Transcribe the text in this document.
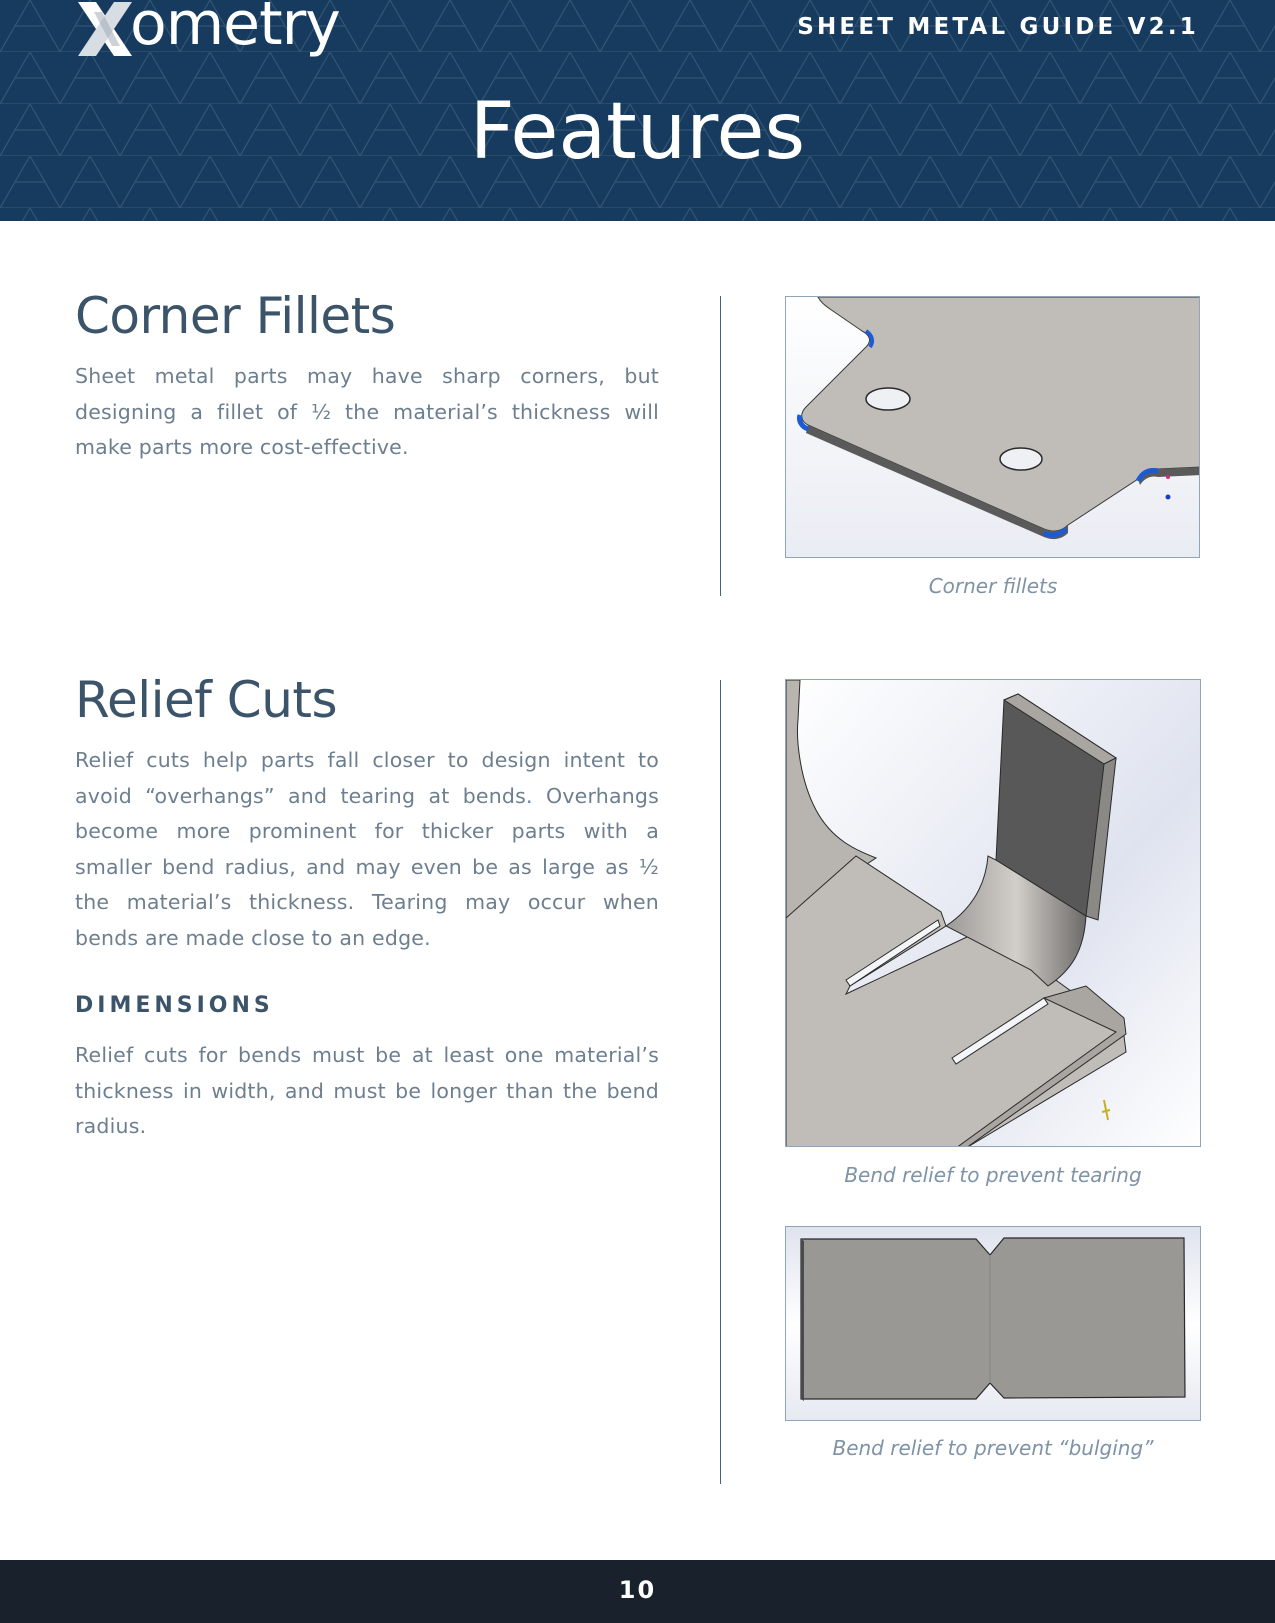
ometry	SHEET METAL GUIDE V2.1
Features
Corner Fillets

Sheet metal parts may have sharp corners, but designing a fillet of ½ the material’s thickness will make parts more cost-effective.

Corner fillets
Relief Cuts

Relief cuts help parts fall closer to design intent to avoid “overhangs” and tearing at bends. Overhangs become more prominent for thicker parts with a smaller bend radius, and may even be as large as ½ the material’s thickness. Tearing may occur when bends are made close to an edge.

DIMENSIONS

Relief cuts for bends must be at least one material’s thickness in width, and must be longer than the bend radius.

Bend relief to prevent tearing
Bend relief to prevent “bulging”
10
